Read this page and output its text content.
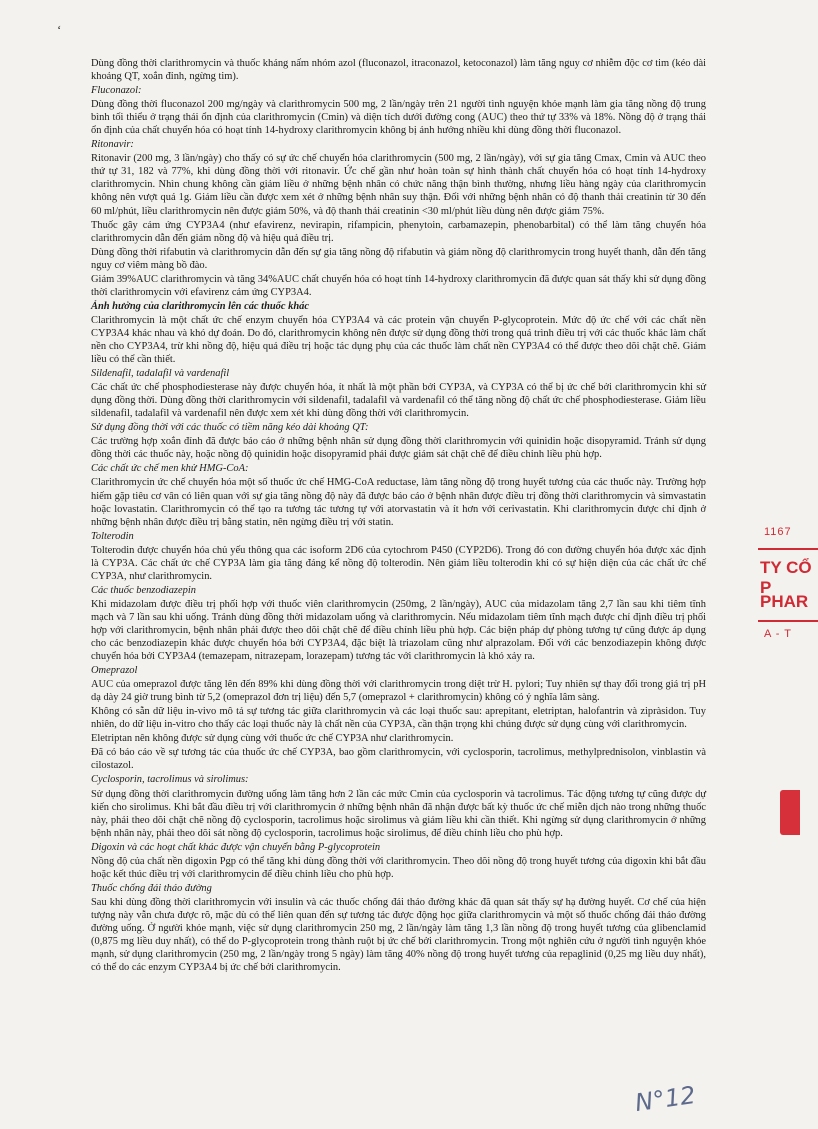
‘

Dùng đồng thời clarithromycin và thuốc kháng nấm nhóm azol (fluconazol, itraconazol, ketoconazol) làm tăng nguy cơ nhiễm độc cơ tim (kéo dài khoảng QT, xoắn đỉnh, ngừng tim).

Fluconazol:

Dùng đồng thời fluconazol 200 mg/ngày và clarithromycin 500 mg, 2 lần/ngày trên 21 người tình nguyện khỏe mạnh làm gia tăng nồng độ trung bình tối thiểu ở trạng thái ổn định của clarithromycin (Cmin) và diện tích dưới đường cong (AUC) theo thứ tự 33% và 18%. Nồng độ ở trạng thái ổn định của chất chuyển hóa có hoạt tính 14-hydroxy clarithromycin không bị ảnh hưởng nhiều khi dùng đồng thời fluconazol.

Ritonavir:

Ritonavir (200 mg, 3 lần/ngày) cho thấy có sự ức chế chuyển hóa clarithromycin (500 mg, 2 lần/ngày), với sự gia tăng Cmax, Cmin và AUC theo thứ tự 31, 182 và 77%, khi dùng đồng thời với ritonavir. Ức chế gần như hoàn toàn sự hình thành chất chuyển hóa có hoạt tính 14-hydroxy clarithromycin. Nhìn chung không cần giảm liều ở những bệnh nhân có chức năng thận bình thường, nhưng liều hàng ngày của clarithromycin không nên vượt quá 1g. Giảm liều cần được xem xét ở những bệnh nhân suy thận. Đối với những bệnh nhân có độ thanh thải creatinin từ 30 đến 60 ml/phút, liều clarithromycin nên được giảm 50%, và độ thanh thải creatinin <30 ml/phút liều dùng nên được giảm 75%.

Thuốc gây cảm ứng CYP3A4 (như efavirenz, nevirapin, rifampicin, phenytoin, carbamazepin, phenobarbital) có thể làm tăng chuyển hóa clarithromycin dẫn đến giảm nồng độ và hiệu quả điều trị.

Dùng đồng thời rifabutin và clarithromycin dẫn đến sự gia tăng nồng độ rifabutin và giảm nồng độ clarithromycin trong huyết thanh, dẫn đến tăng nguy cơ viêm màng bồ đào.

Giảm 39%AUC clarithromycin và tăng 34%AUC chất chuyển hóa có hoạt tính 14-hydroxy clarithromycin đã được quan sát thấy khi sử dụng đồng thời clarithromycin với efavirenz cảm ứng CYP3A4.

Ảnh hưởng của clarithromycin lên các thuốc khác

Clarithromycin là một chất ức chế enzym chuyển hóa CYP3A4 và các protein vận chuyển P-glycoprotein. Mức độ ức chế với các chất nền CYP3A4 khác nhau và khó dự đoán. Do đó, clarithromycin không nên được sử dụng đồng thời trong quá trình điều trị với các thuốc khác làm chất nền cho CYP3A4, trừ khi nồng độ, hiệu quả điều trị hoặc tác dụng phụ của các thuốc làm chất nền CYP3A4 có thể được theo dõi chặt chẽ. Giảm liều có thể cần thiết.

Sildenafil, tadalafil và vardenafil

Các chất ức chế phosphodiesterase này được chuyển hóa, ít nhất là một phần bởi CYP3A, và CYP3A có thể bị ức chế bởi clarithromycin khi sử dụng đồng thời. Dùng đồng thời clarithromycin với sildenafil, tadalafil và vardenafil có thể tăng nồng độ chất ức chế phosphodiesterase. Giảm liều sildenafil, tadalafil và vardenafil nên được xem xét khi dùng đồng thời với clarithromycin.

Sử dụng đồng thời với các thuốc có tiềm năng kéo dài khoảng QT:

Các trường hợp xoắn đỉnh đã được báo cáo ở những bệnh nhân sử dụng đồng thời clarithromycin với quinidin hoặc disopyramid. Tránh sử dụng đồng thời các thuốc này, hoặc nồng độ quinidin hoặc disopyramid phải được giám sát chặt chẽ để điều chỉnh liều phù hợp.

Các chất ức chế men khử HMG-CoA:

Clarithromycin ức chế chuyển hóa một số thuốc ức chế HMG-CoA reductase, làm tăng nồng độ trong huyết tương của các thuốc này. Trường hợp hiếm gặp tiêu cơ vân có liên quan với sự gia tăng nồng độ này đã được báo cáo ở bệnh nhân được điều trị đồng thời clarithromycin và simvastatin hoặc lovastatin. Clarithromycin có thể tạo ra tương tác tương tự với atorvastatin và ít hơn với cerivastatin. Khi clarithromycin được chỉ định ở những bệnh nhân được điều trị bằng statin, nên ngừng điều trị với statin.

Tolterodin

Tolterodin được chuyển hóa chủ yếu thông qua các isoform 2D6 của cytochrom P450 (CYP2D6). Trong đó con đường chuyển hóa được xác định là CYP3A. Các chất ức chế CYP3A làm gia tăng đáng kể nồng độ tolterodin. Nên giảm liều tolterodin khi có sự hiện diện của các chất ức chế CYP3A, như clarithromycin.

Các thuốc benzodiazepin

Khi midazolam được điều trị phối hợp với thuốc viên clarithromycin (250mg, 2 lần/ngày), AUC của midazolam tăng 2,7 lần sau khi tiêm tĩnh mạch và 7 lần sau khi uống. Tránh dùng đồng thời midazolam uống và clarithromycin. Nếu midazolam tiêm tĩnh mạch được chỉ định điều trị phối hợp với clarithromycin, bệnh nhân phải được theo dõi chặt chẽ để điều chỉnh liều phù hợp. Các biện pháp dự phòng tương tự cũng được áp dụng cho các benzodiazepin khác được chuyển hóa bởi CYP3A4, đặc biệt là triazolam cũng như alprazolam. Đối với các benzodiazepin không được chuyển hóa bởi CYP3A4 (temazepam, nitrazepam, lorazepam) tương tác với clarithromycin là khó xảy ra.

Omeprazol

AUC của omeprazol được tăng lên đến 89% khi dùng đồng thời với clarithromycin trong diệt trừ H. pylori; Tuy nhiên sự thay đổi trong giá trị pH dạ dày 24 giờ trung bình từ 5,2 (omeprazol đơn trị liệu) đến 5,7 (omeprazol + clarithromycin) không có ý nghĩa lâm sàng.

Không có sẵn dữ liệu in-vivo mô tả sự tương tác giữa clarithromycin và các loại thuốc sau: aprepitant, eletriptan, halofantrin và zipràsidon. Tuy nhiên, do dữ liệu in-vitro cho thấy các loại thuốc này là chất nền của CYP3A, cần thận trọng khi chúng được sử dụng cùng với clarithromycin.

Eletriptan nên không được sử dụng cùng với thuốc ức chế CYP3A như clarithromycin.

Đã có báo cáo về sự tương tác của thuốc ức chế CYP3A, bao gồm clarithromycin, với cyclosporin, tacrolimus, methylprednisolon, vinblastin và cilostazol.

Cyclosporin, tacrolimus và sirolimus:

Sử dụng đồng thời clarithromycin đường uống làm tăng hơn 2 lần các mức Cmin của cyclosporin và tacrolimus. Tác động tương tự cũng được dự kiến cho sirolimus. Khi bắt đầu điều trị với clarithromycin ở những bệnh nhân đã nhận được bất kỳ thuốc ức chế miễn dịch nào trong những thuốc này, phải theo dõi chặt chẽ nồng độ cyclosporin, tacrolimus hoặc sirolimus và giảm liều khi cần thiết. Khi ngừng sử dụng clarithromycin ở những bệnh nhân này, phải theo dõi sát nồng độ cyclosporin, tacrolimus hoặc sirolimus, để điều chỉnh liều cho phù hợp.

Digoxin và các hoạt chất khác được vận chuyển bằng P-glycoprotein

Nồng độ của chất nền digoxin Pgp có thể tăng khi dùng đồng thời với clarithromycin. Theo dõi nồng độ trong huyết tương của digoxin khi bắt đầu hoặc kết thúc điều trị với clarithromycin để điều chỉnh liều cho phù hợp.

Thuốc chống đái tháo đường

Sau khi dùng đồng thời clarithromycin với insulin và các thuốc chống đái tháo đường khác đã quan sát thấy sự hạ đường huyết. Cơ chế của hiện tượng này vẫn chưa được rõ, mặc dù có thể liên quan đến sự tương tác được động học giữa clarithromycin và một số thuốc chống đái tháo đường đường uống. Ở người khỏe mạnh, việc sử dụng clarithromycin 250 mg, 2 lần/ngày làm tăng 1,3 lần nồng độ trong huyết tương của glibenclamid (0,875 mg liều duy nhất), có thể do P-glycoprotein trong thành ruột bị ức chế bởi clarithromycin. Trong một nghiên cứu ở người tình nguyện khỏe mạnh, sử dụng clarithromycin (250 mg, 2 lần/ngày trong 5 ngày) làm tăng 40% nồng độ trong huyết tương của repaglinid (0,25 mg liều duy nhất), có thể do các enzym CYP3A4 bị ức chế bởi clarithromycin.

1167
TY CỔ P
PHAR
A - T
N°12
